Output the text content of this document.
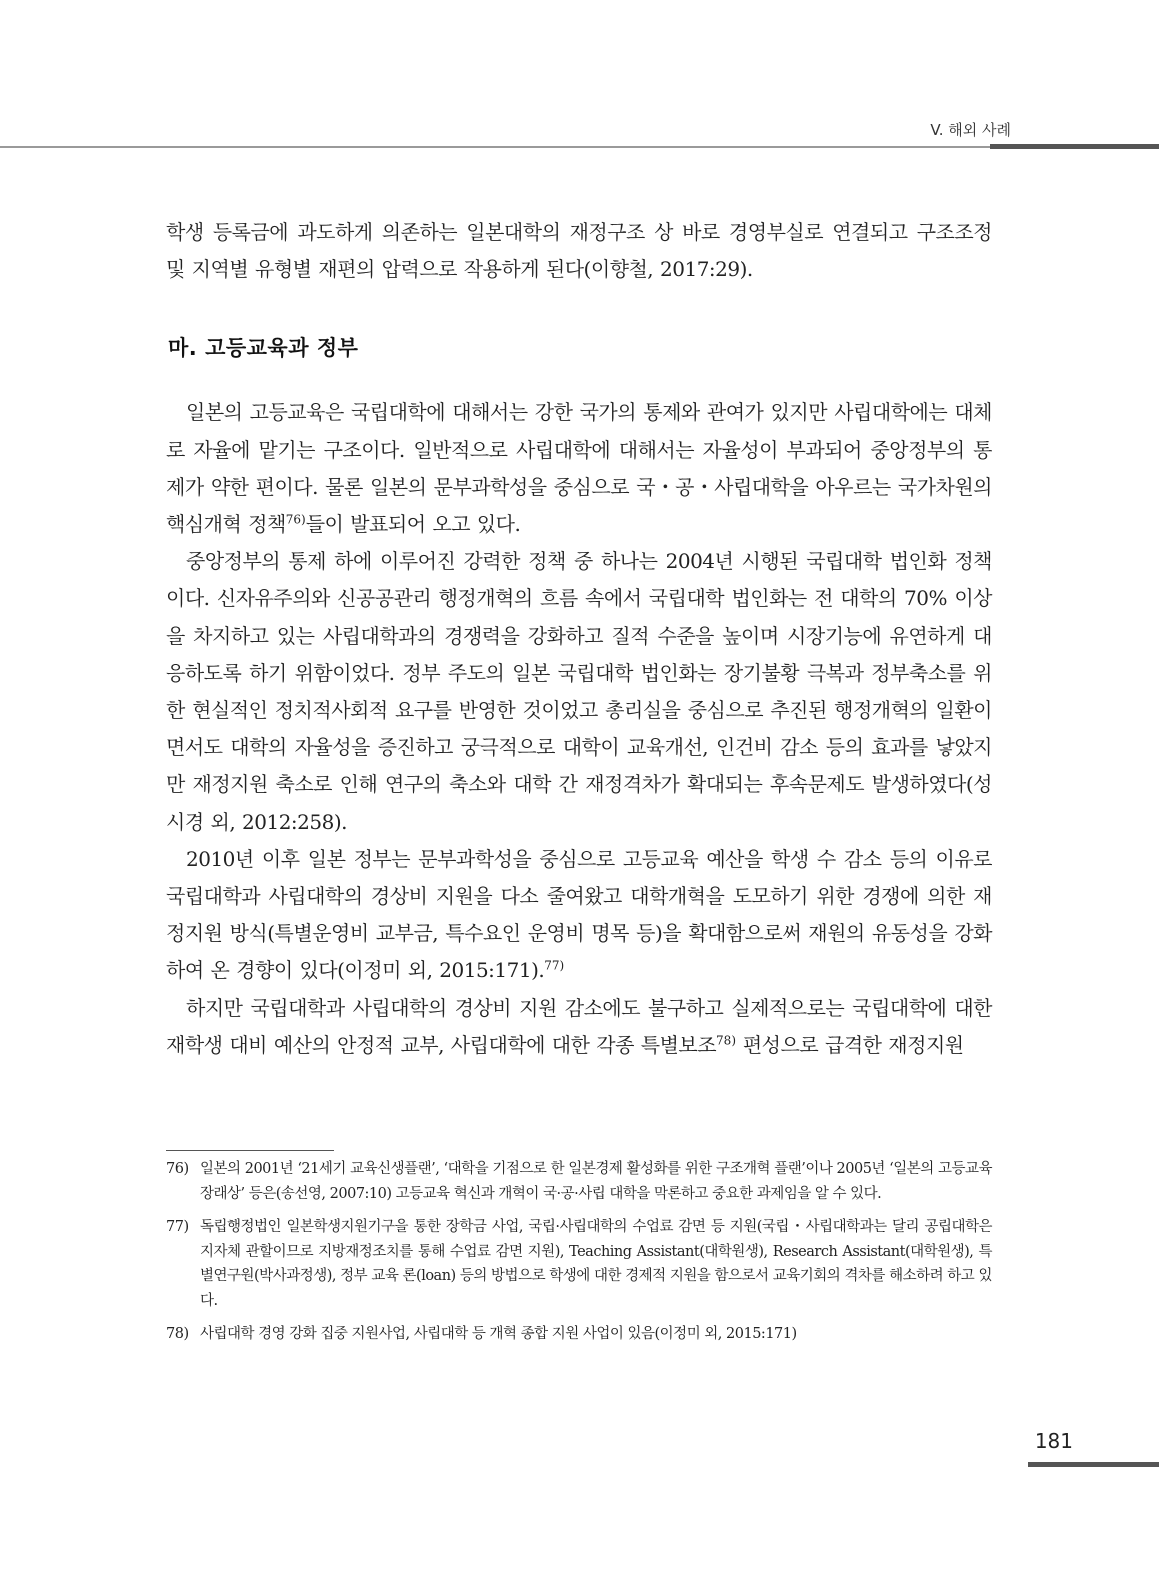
V. 해외 사례

학생 등록금에 과도하게 의존하는 일본대학의 재정구조 상 바로 경영부실로 연결되고 구조조정 및 지역별 유형별 재편의 압력으로 작용하게 된다(이향철, 2017:29).

마. 고등교육과 정부

일본의 고등교육은 국립대학에 대해서는 강한 국가의 통제와 관여가 있지만 사립대학에는 대체로 자율에 맡기는 구조이다. 일반적으로 사립대학에 대해서는 자율성이 부과되어 중앙정부의 통제가 약한 편이다. 물론 일본의 문부과학성을 중심으로 국・공・사립대학을 아우르는 국가차원의 핵심개혁 정책$^{76)}$들이 발표되어 오고 있다.

중앙정부의 통제 하에 이루어진 강력한 정책 중 하나는 2004년 시행된 국립대학 법인화 정책이다. 신자유주의와 신공공관리 행정개혁의 흐름 속에서 국립대학 법인화는 전 대학의 70% 이상을 차지하고 있는 사립대학과의 경쟁력을 강화하고 질적 수준을 높이며 시장기능에 유연하게 대응하도록 하기 위함이었다. 정부 주도의 일본 국립대학 법인화는 장기불황 극복과 정부축소를 위한 현실적인 정치적사회적 요구를 반영한 것이었고 총리실을 중심으로 추진된 행정개혁의 일환이면서도 대학의 자율성을 증진하고 궁극적으로 대학이 교육개선, 인건비 감소 등의 효과를 낳았지만 재정지원 축소로 인해 연구의 축소와 대학 간 재정격차가 확대되는 후속문제도 발생하였다(성시경 외, 2012:258).

2010년 이후 일본 정부는 문부과학성을 중심으로 고등교육 예산을 학생 수 감소 등의 이유로 국립대학과 사립대학의 경상비 지원을 다소 줄여왔고 대학개혁을 도모하기 위한 경쟁에 의한 재정지원 방식(특별운영비 교부금, 특수요인 운영비 명목 등)을 확대함으로써 재원의 유동성을 강화하여 온 경향이 있다(이정미 외, 2015:171).$^{77)}$

하지만 국립대학과 사립대학의 경상비 지원 감소에도 불구하고 실제적으로는 국립대학에 대한 재학생 대비 예산의 안정적 교부, 사립대학에 대한 각종 특별보조$^{78)}$ 편성으로 급격한 재정지원

76) 일본의 2001년 ‘21세기 교육신생플랜’, ‘대학을 기점으로 한 일본경제 활성화를 위한 구조개혁 플랜’이나 2005년 ‘일본의 고등교육 장래상’ 등은(송선영, 2007:10) 고등교육 혁신과 개혁이 국·공·사립 대학을 막론하고 중요한 과제임을 알 수 있다.
77) 독립행정법인 일본학생지원기구을 통한 장학금 사업, 국립·사립대학의 수업료 감면 등 지원(국립・사립대학과는 달리 공립대학은 지자체 관할이므로 지방재정조치를 통해 수업료 감면 지원), Teaching Assistant(대학원생), Research Assistant(대학원생), 특별연구원(박사과정생), 정부 교육 론(loan) 등의 방법으로 학생에 대한 경제적 지원을 함으로서 교육기회의 격차를 해소하려 하고 있다.
78) 사립대학 경영 강화 집중 지원사업, 사립대학 등 개혁 종합 지원 사업이 있음(이정미 외, 2015:171)
181
